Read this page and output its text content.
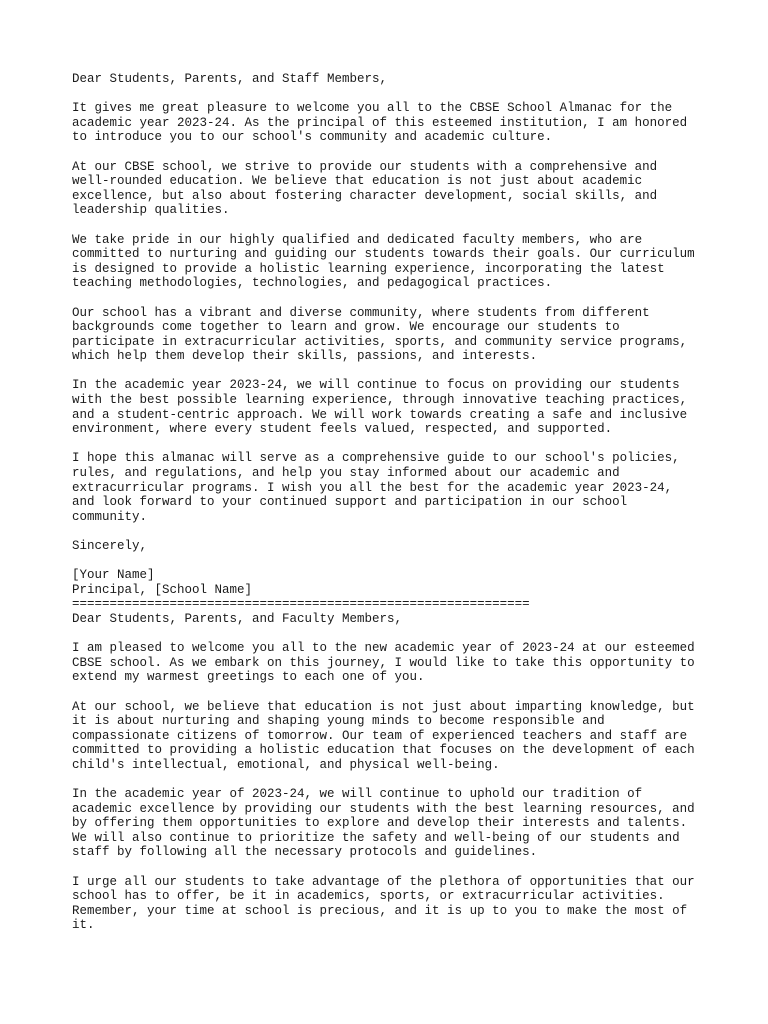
Dear Students, Parents, and Staff Members,

It gives me great pleasure to welcome you all to the CBSE School Almanac for the
academic year 2023-24. As the principal of this esteemed institution, I am honored
to introduce you to our school's community and academic culture.

At our CBSE school, we strive to provide our students with a comprehensive and
well-rounded education. We believe that education is not just about academic
excellence, but also about fostering character development, social skills, and
leadership qualities.

We take pride in our highly qualified and dedicated faculty members, who are
committed to nurturing and guiding our students towards their goals. Our curriculum
is designed to provide a holistic learning experience, incorporating the latest
teaching methodologies, technologies, and pedagogical practices.

Our school has a vibrant and diverse community, where students from different
backgrounds come together to learn and grow. We encourage our students to
participate in extracurricular activities, sports, and community service programs,
which help them develop their skills, passions, and interests.

In the academic year 2023-24, we will continue to focus on providing our students
with the best possible learning experience, through innovative teaching practices,
and a student-centric approach. We will work towards creating a safe and inclusive
environment, where every student feels valued, respected, and supported.

I hope this almanac will serve as a comprehensive guide to our school's policies,
rules, and regulations, and help you stay informed about our academic and
extracurricular programs. I wish you all the best for the academic year 2023-24,
and look forward to your continued support and participation in our school
community.

Sincerely,

[Your Name]

Principal, [School Name]

=============================================================

Dear Students, Parents, and Faculty Members,

I am pleased to welcome you all to the new academic year of 2023-24 at our esteemed
CBSE school. As we embark on this journey, I would like to take this opportunity to
extend my warmest greetings to each one of you.

At our school, we believe that education is not just about imparting knowledge, but
it is about nurturing and shaping young minds to become responsible and
compassionate citizens of tomorrow. Our team of experienced teachers and staff are
committed to providing a holistic education that focuses on the development of each
child's intellectual, emotional, and physical well-being.

In the academic year of 2023-24, we will continue to uphold our tradition of
academic excellence by providing our students with the best learning resources, and
by offering them opportunities to explore and develop their interests and talents.
We will also continue to prioritize the safety and well-being of our students and
staff by following all the necessary protocols and guidelines.

I urge all our students to take advantage of the plethora of opportunities that our
school has to offer, be it in academics, sports, or extracurricular activities.
Remember, your time at school is precious, and it is up to you to make the most of
it.
